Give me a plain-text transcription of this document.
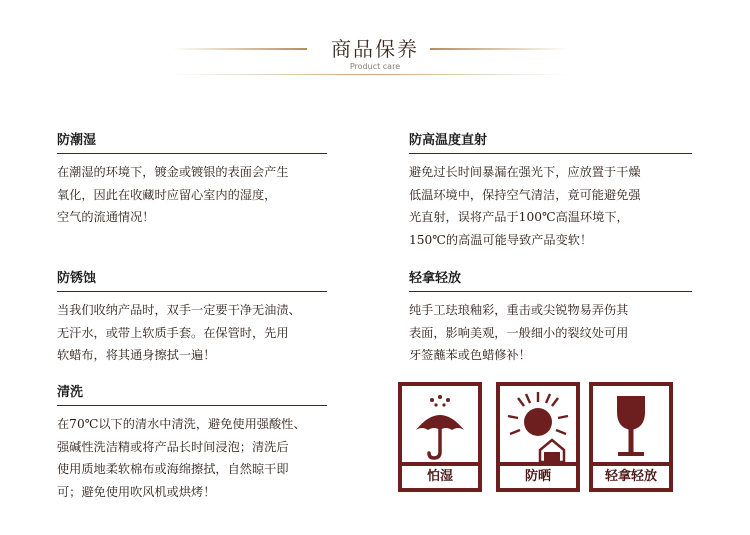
商品保养
Product care
防潮湿
在潮湿的环境下，镀金或镀银的表面会产生
氧化，因此在收藏时应留心室内的湿度，
空气的流通情况！
防高温度直射
避免过长时间暴漏在强光下，应放置于干燥
低温环境中，保持空气清洁，竟可能避免强
光直射，误将产品于100℃高温环境下，
150℃的高温可能导致产品变软！
防锈蚀
当我们收纳产品时，双手一定要干净无油渍、
无汗水，或带上软质手套。在保管时，先用
软蜡布，将其通身擦拭一遍！
轻拿轻放
纯手工珐琅釉彩，重击或尖锐物易弄伤其
表面，影响美观，一般细小的裂纹处可用
牙签蘸苯或色蜡修补！
清洗
在70℃以下的清水中清洗，避免使用强酸性、
强碱性洗洁精或将产品长时间浸泡；清洗后
使用质地柔软棉布或海绵擦拭，自然晾干即
可；避免使用吹风机或烘烤！
怕湿	防晒	轻拿轻放
